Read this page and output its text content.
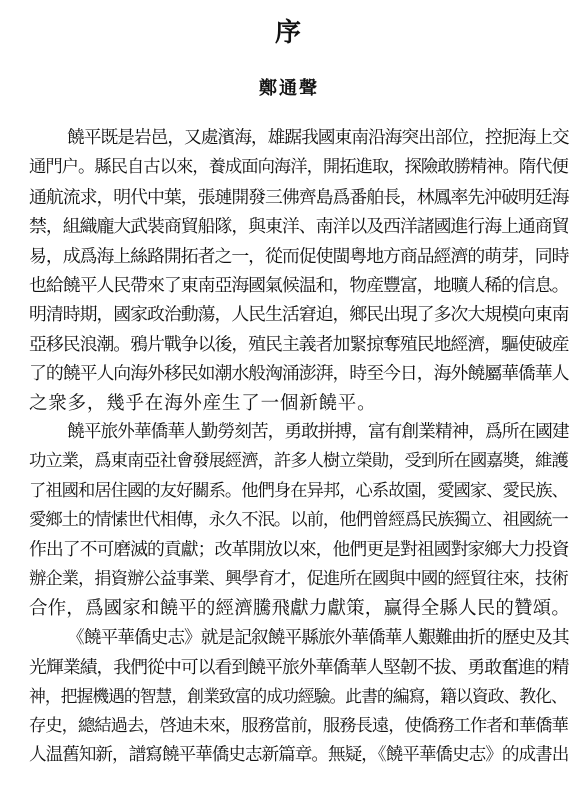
序
鄭通聲
饒平既是岩邑，又處濱海，雄踞我國東南沿海突出部位，控扼海上交
通門户。縣民自古以來，養成面向海洋，開拓進取，探險敢勝精神。隋代便
通航流求，明代中葉，張璉開發三佛齊島爲番舶長，林鳳率先沖破明廷海
禁，組織龐大武裝商貿船隊，與東洋、南洋以及西洋諸國進行海上通商貿
易，成爲海上絲路開拓者之一，從而促使閩粤地方商品經濟的萌芽，同時
也給饒平人民帶來了東南亞海國氣候温和，物産豐富，地曠人稀的信息。
明清時期，國家政治動蕩，人民生活窘迫，鄉民出現了多次大規模向東南
亞移民浪潮。鴉片戰争以後，殖民主義者加緊掠奪殖民地經濟，驅使破産
了的饒平人向海外移民如潮水般洶涌澎湃，時至今日，海外饒屬華僑華人
之衆多，幾乎在海外産生了一個新饒平。
饒平旅外華僑華人勤勞刻苦，勇敢拼搏，富有創業精神，爲所在國建
功立業，爲東南亞社會發展經濟，許多人樹立榮勛，受到所在國嘉奬，維護
了祖國和居住國的友好關系。他們身在异邦，心系故園，愛國家、愛民族、
愛鄉土的情愫世代相傳，永久不泯。以前，他們曾經爲民族獨立、祖國統一
作出了不可磨滅的貢獻；改革開放以來，他們更是對祖國對家鄉大力投資
辦企業，捐資辦公益事業、興學育才，促進所在國與中國的經貿往來，技術
合作，爲國家和饒平的經濟騰飛獻力獻策，赢得全縣人民的贊頌。
《饒平華僑史志》就是記叙饒平縣旅外華僑華人艱難曲折的歷史及其
光輝業績，我們從中可以看到饒平旅外華僑華人堅韌不拔、勇敢奮進的精
神，把握機遇的智慧，創業致富的成功經驗。此書的編寫，籍以資政、教化、
存史，總結過去，啓迪未來，服務當前，服務長遠，使僑務工作者和華僑華
人温舊知新，譜寫饒平華僑史志新篇章。無疑，《饒平華僑史志》的成書出
